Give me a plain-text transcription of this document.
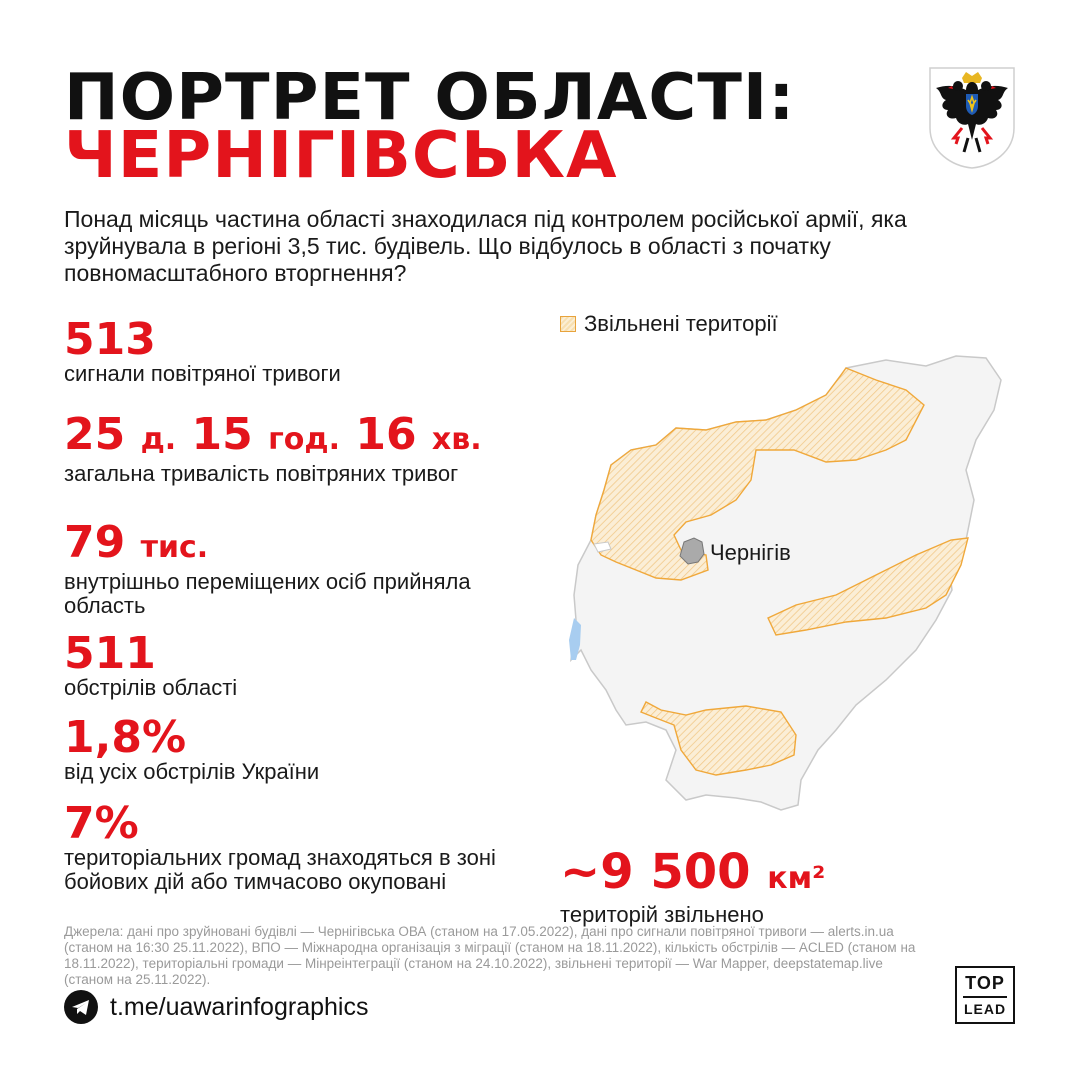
ПОРТРЕТ ОБЛАСТІ:
ЧЕРНІГІВСЬКА
Понад місяць частина області знаходилася під контролем російської армії, яка зруйнувала в регіоні 3,5 тис. будівель. Що відбулось в області з початку повномасштабного вторгнення?
513
сигнали повітряної тривоги
25 д. 15 год. 16 хв.
загальна тривалість повітряних тривог
79 тис.
внутрішньо переміщених осіб прийняла область
511
обстрілів області
1,8%
від усіх обстрілів України
7%
територіальних громад знаходяться в зоні бойових дій або тимчасово окуповані
Звільнені території
Чернігів
~9 500 км²
територій звільнено
Джерела: дані про зруйновані будівлі — Чернігівська ОВА (станом на 17.05.2022), дані про сигнали повітряної тривоги — alerts.in.ua (станом на 16:30 25.11.2022), ВПО — Міжнародна організація з міграції (станом на 18.11.2022), кількість обстрілів — ACLED (станом на 18.11.2022), територіальні громади — Мінреінтеграції (станом на 24.10.2022), звільнені території — War Mapper, deepstatemap.live (станом на 25.11.2022).
t.me/uawarinfographics
TOP
LEAD
